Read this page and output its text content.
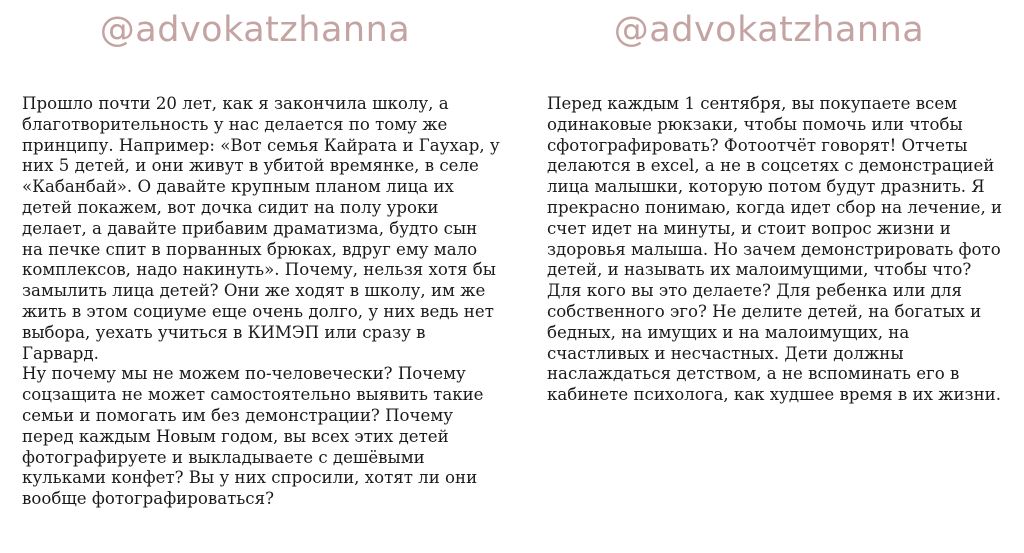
@advokatzhanna

Прошло почти 20 лет, как я закончила школу, а благотворительность у нас делается по тому же принципу. Например: «Вот семья Кайрата и Гаухар, у них 5 детей, и они живут в убитой времянке, в селе «Кабанбай». О давайте крупным планом лица их детей покажем, вот дочка сидит на полу уроки делает, а давайте прибавим драматизма, будто сын на печке спит в порванных брюках, вдруг ему мало комплексов, надо накинуть». Почему, нельзя хотя бы замылить лица детей? Они же ходят в школу, им же жить в этом социуме еще очень долго, у них ведь нет выбора, уехать учиться в КИМЭП или сразу в Гарвард.

Ну почему мы не можем по-человечески? Почему соцзащита не может самостоятельно выявить такие семьи и помогать им без демонстрации? Почему перед каждым Новым годом, вы всех этих детей фотографируете и выкладываете с дешёвыми кульками конфет? Вы у них спросили, хотят ли они вообще фотографироваться?

@advokatzhanna

Перед каждым 1 сентября, вы покупаете всем одинаковые рюкзаки, чтобы помочь или чтобы сфотографировать? Фотоотчёт говорят! Отчеты делаются в excel, а не в соцсетях с демонстрацией лица малышки, которую потом будут дразнить. Я прекрасно понимаю, когда идет сбор на лечение, и счет идет на минуты, и стоит вопрос жизни и здоровья малыша. Но зачем демонстрировать фото детей, и называть их малоимущими, чтобы что? Для кого вы это делаете? Для ребенка или для собственного эго? Не делите детей, на богатых и бедных, на имущих и на малоимущих, на счастливых и несчастных. Дети должны наслаждаться детством, а не вспоминать его в кабинете психолога, как худшее время в их жизни.
